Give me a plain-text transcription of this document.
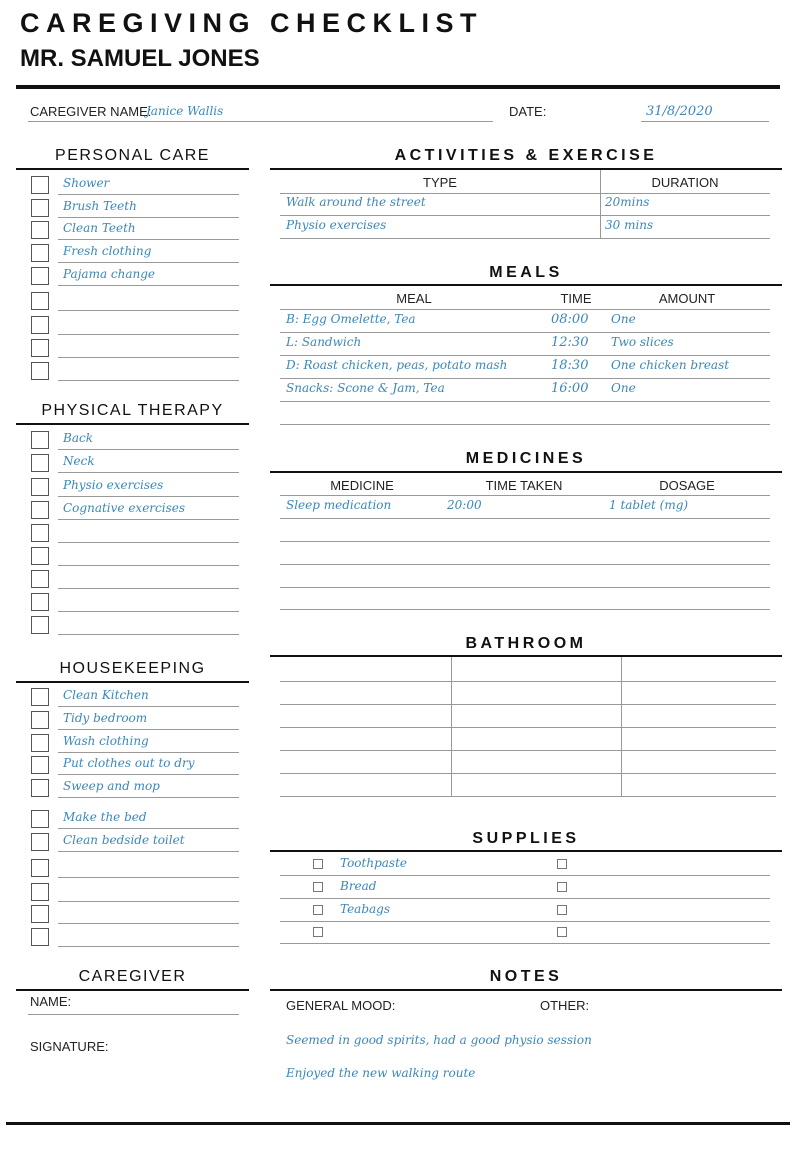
CAREGIVING CHECKLIST
MR. SAMUEL JONES
CAREGIVER NAME:
Janice Wallis	DATE:	31/8/2020
PERSONAL CARE
PHYSICAL THERAPY
HOUSEKEEPING
CAREGIVER
NAME:
SIGNATURE:
ACTIVITIES & EXERCISE
TYPE	DURATION
Walk around the street	20mins
Physio exercises	30 mins
MEALS
MEAL	TIME	AMOUNT
MEDICINES
MEDICINE	TIME TAKEN	DOSAGE
Sleep medication	20:00	1 tablet (mg)
BATHROOM
SUPPLIES
NOTES
GENERAL MOOD:	OTHER:
Seemed in good spirits, had a good physio session
Enjoyed the new walking route
Shower
Brush Teeth
Clean Teeth
Fresh clothing
Pajama change
Back
Neck
Physio exercises
Cognative exercises
Clean Kitchen
Tidy bedroom
Wash clothing
Put clothes out to dry
Sweep and mop
Make the bed
Clean bedside toilet
B: Egg Omelette, Tea	08:00 One
L: Sandwich	12:30 Two slices
D: Roast chicken, peas, potato mash	18:30 One chicken breast
Snacks: Scone & Jam, Tea	16:00 One
Toothpaste
Bread
Teabags
